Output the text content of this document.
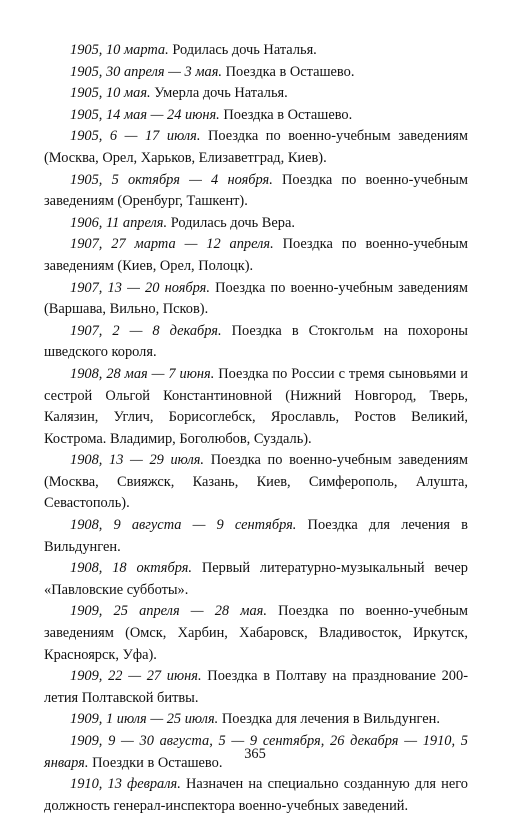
1905, 10 марта. Родилась дочь Наталья.

1905, 30 апреля — 3 мая. Поездка в Осташево.

1905, 10 мая. Умерла дочь Наталья.

1905, 14 мая — 24 июня. Поездка в Осташево.

1905, 6 — 17 июля. Поездка по военно-учебным заведениям (Москва, Орел, Харьков, Елизаветград, Киев).

1905, 5 октября — 4 ноября. Поездка по военно-учебным заведениям (Оренбург, Ташкент).

1906, 11 апреля. Родилась дочь Вера.

1907, 27 марта — 12 апреля. Поездка по военно-учебным заведениям (Киев, Орел, Полоцк).

1907, 13 — 20 ноября. Поездка по военно-учебным заведениям (Варшава, Вильно, Псков).

1907, 2 — 8 декабря. Поездка в Стокгольм на похороны шведского короля.

1908, 28 мая — 7 июня. Поездка по России с тремя сыновьями и сестрой Ольгой Константиновной (Нижний Новгород, Тверь, Калязин, Углич, Борисоглебск, Ярославль, Ростов Великий, Кострома. Владимир, Боголюбов, Суздаль).

1908, 13 — 29 июля. Поездка по военно-учебным заведениям (Москва, Свияжск, Казань, Киев, Симферополь, Алушта, Севастополь).

1908, 9 августа — 9 сентября. Поездка для лечения в Вильдунген.

1908, 18 октября. Первый литературно-музыкальный вечер «Павловские субботы».

1909, 25 апреля — 28 мая. Поездка по военно-учебным заведениям (Омск, Харбин, Хабаровск, Владивосток, Иркутск, Красноярск, Уфа).

1909, 22 — 27 июня. Поездка в Полтаву на празднование 200-летия Полтавской битвы.

1909, 1 июля — 25 июля. Поездка для лечения в Вильдунген.

1909, 9 — 30 августа, 5 — 9 сентября, 26 декабря — 1910, 5 января. Поездки в Осташево.

1910, 13 февраля. Назначен на специально созданную для него должность генерал-инспектора военно-учебных заведений.

365
